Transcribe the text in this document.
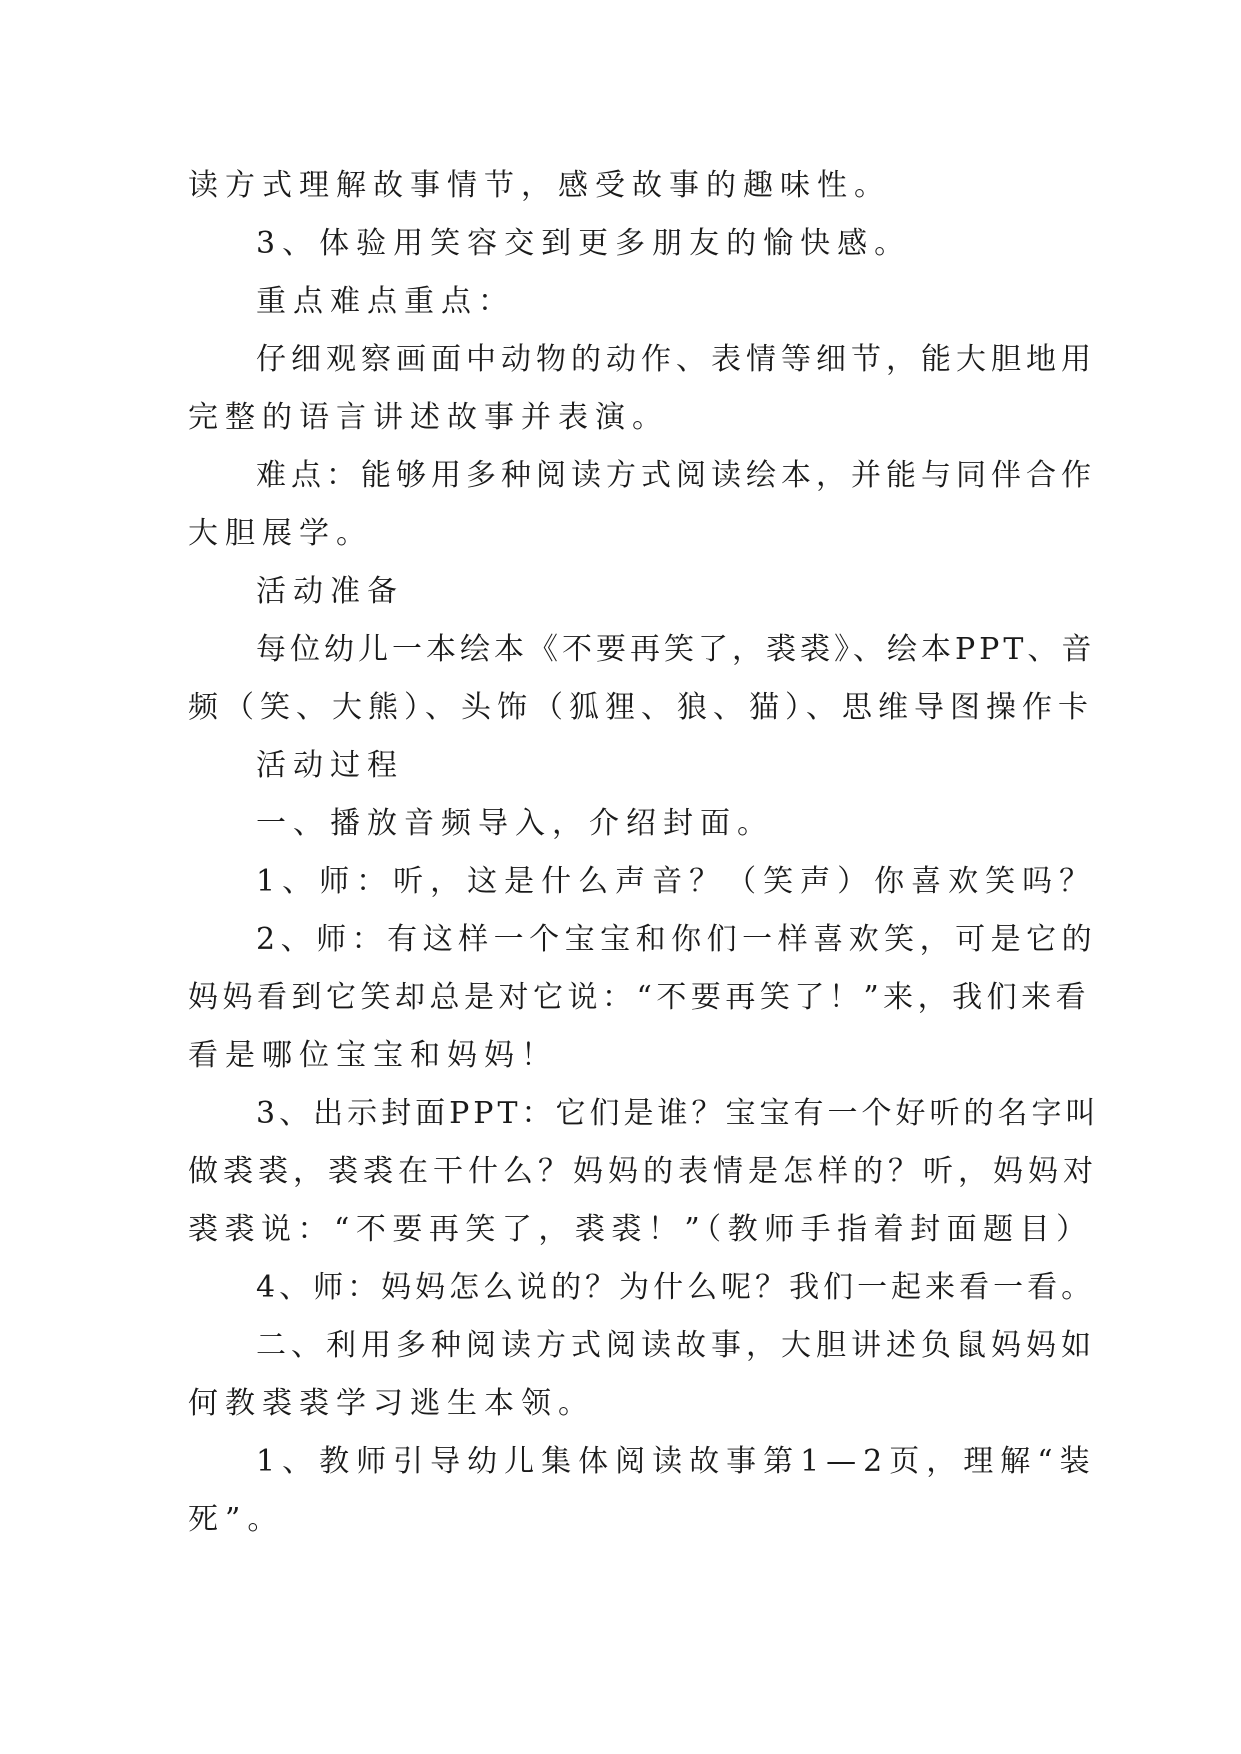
读方式理解故事情节，感受故事的趣味性。
3、体验用笑容交到更多朋友的愉快感。
重点难点重点：
仔细观察画面中动物的动作、表情等细节，能大胆地用
完整的语言讲述故事并表演。
难点：能够用多种阅读方式阅读绘本，并能与同伴合作
大胆展学。
活动准备
每位幼儿一本绘本《不要再笑了，裘裘》、绘本PPT、音
频（笑、大熊）、头饰（狐狸、狼、猫）、思维导图操作卡
活动过程
一、播放音频导入，介绍封面。
1、师：听，这是什么声音？（笑声）你喜欢笑吗？
2、师：有这样一个宝宝和你们一样喜欢笑，可是它的
妈妈看到它笑却总是对它说：“不要再笑了！”来，我们来看
看是哪位宝宝和妈妈！
3、出示封面PPT：它们是谁？宝宝有一个好听的名字叫
做裘裘，裘裘在干什么？妈妈的表情是怎样的？听，妈妈对
裘裘说：“不要再笑了，裘裘！”（教师手指着封面题目）
4、师：妈妈怎么说的？为什么呢？我们一起来看一看。
二、利用多种阅读方式阅读故事，大胆讲述负鼠妈妈如
何教裘裘学习逃生本领。
1、教师引导幼儿集体阅读故事第1—2页，理解“装
死”。
